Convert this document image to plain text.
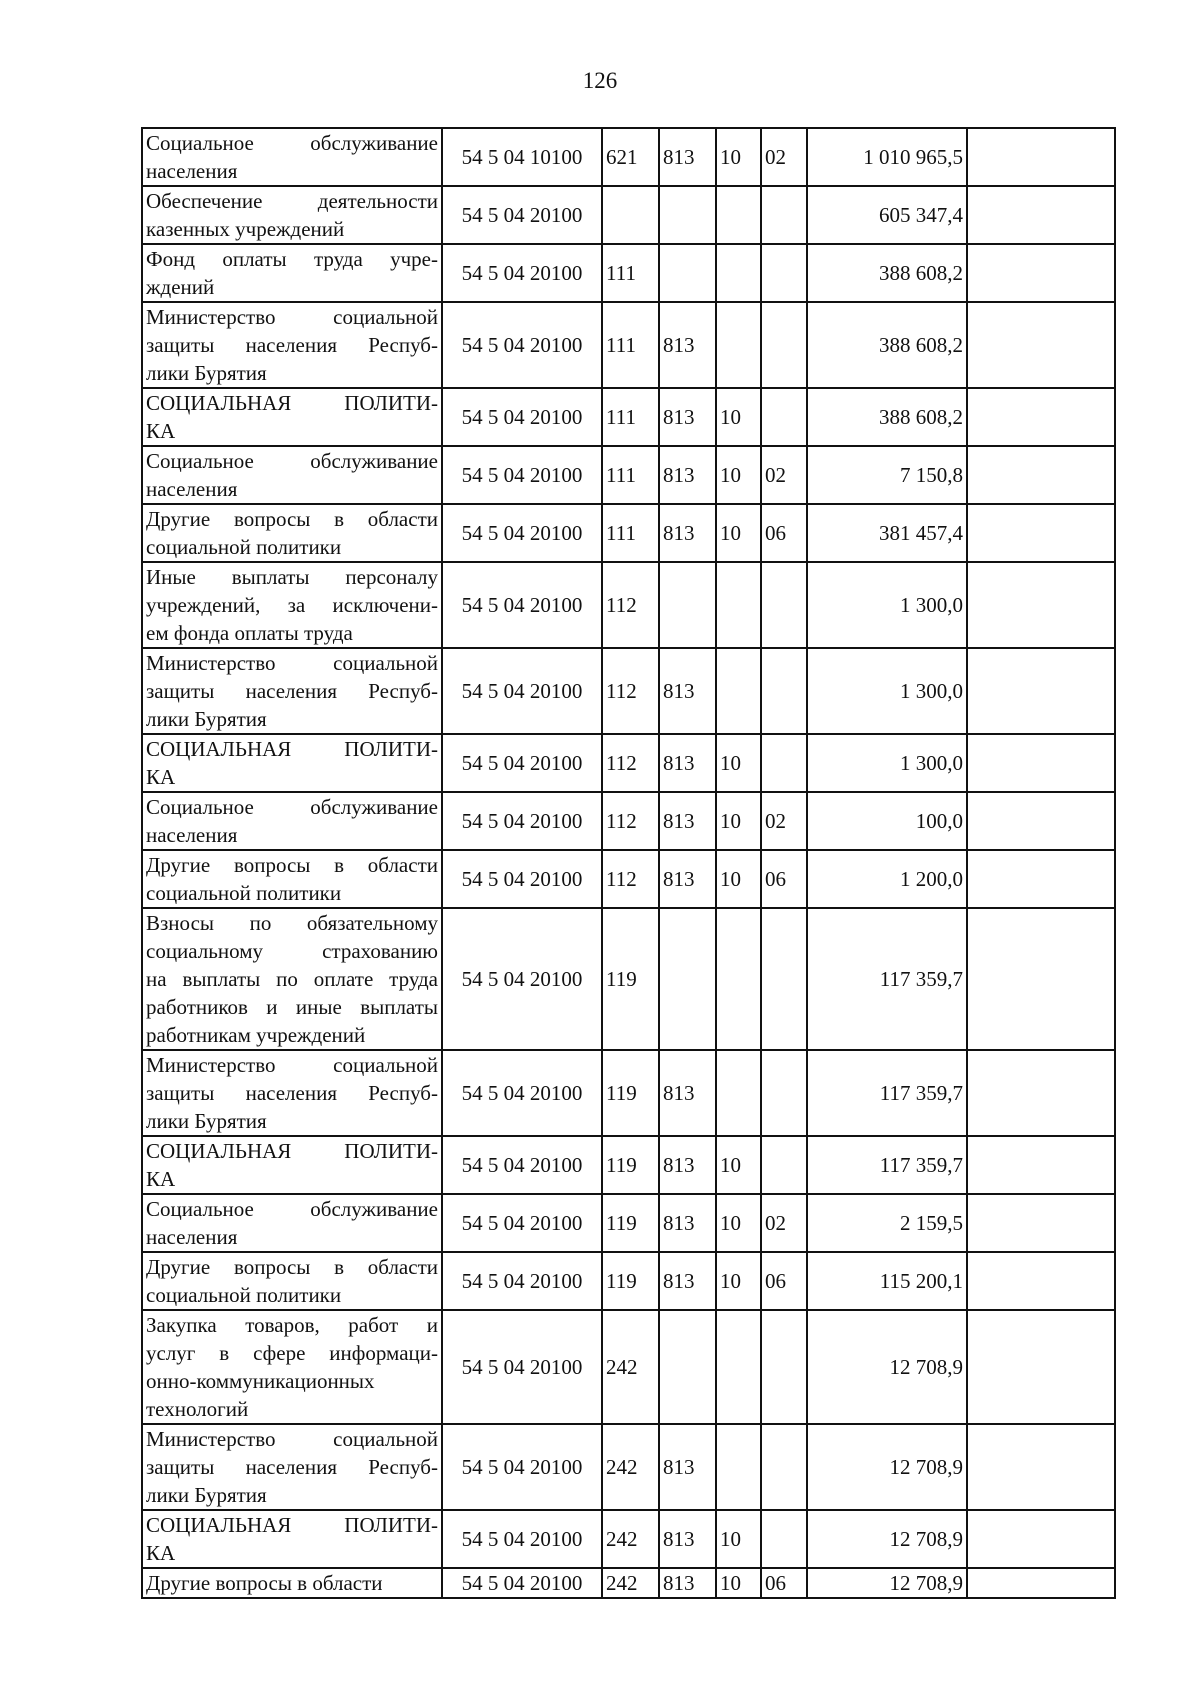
126
Социальное обслуживание
населения	54 5 04 10100	621	813	10	02	1 010 965,5	

Обеспечение деятельности
казенных учреждений	54 5 04 20100					605 347,4	

Фонд оплаты труда учре-
ждений	54 5 04 20100	111				388 608,2	

Министерство социальной
защиты населения Респуб-
лики Бурятия	54 5 04 20100	111	813			388 608,2	

СОЦИАЛЬНАЯ ПОЛИТИ-
КА	54 5 04 20100	111	813	10		388 608,2	

Социальное обслуживание
населения	54 5 04 20100	111	813	10	02	7 150,8	

Другие вопросы в области
социальной политики	54 5 04 20100	111	813	10	06	381 457,4	

Иные выплаты персоналу
учреждений, за исключени-
ем фонда оплаты труда	54 5 04 20100	112				1 300,0	

Министерство социальной
защиты населения Респуб-
лики Бурятия	54 5 04 20100	112	813			1 300,0	

СОЦИАЛЬНАЯ ПОЛИТИ-
КА	54 5 04 20100	112	813	10		1 300,0	

Социальное обслуживание
населения	54 5 04 20100	112	813	10	02	100,0	

Другие вопросы в области
социальной политики	54 5 04 20100	112	813	10	06	1 200,0	

Взносы по обязательному
социальному страхованию
на выплаты по оплате труда
работников и иные выплаты
работникам учреждений	54 5 04 20100	119				117 359,7	

Министерство социальной
защиты населения Респуб-
лики Бурятия	54 5 04 20100	119	813			117 359,7	

СОЦИАЛЬНАЯ ПОЛИТИ-
КА	54 5 04 20100	119	813	10		117 359,7	

Социальное обслуживание
населения	54 5 04 20100	119	813	10	02	2 159,5	

Другие вопросы в области
социальной политики	54 5 04 20100	119	813	10	06	115 200,1	

Закупка товаров, работ и
услуг в сфере информаци-
онно-коммуникационных
технологий	54 5 04 20100	242				12 708,9	

Министерство социальной
защиты населения Респуб-
лики Бурятия	54 5 04 20100	242	813			12 708,9	

СОЦИАЛЬНАЯ ПОЛИТИ-
КА	54 5 04 20100	242	813	10		12 708,9	

Другие вопросы в области	54 5 04 20100	242	813	10	06	12 708,9	
